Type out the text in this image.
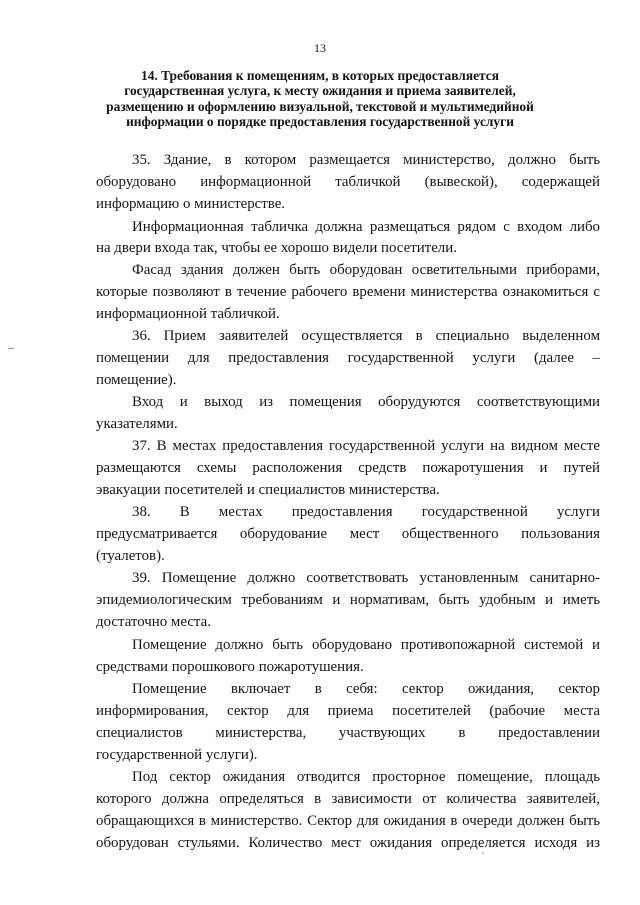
13
14. Требования к помещениям, в которых предоставляется
государственная услуга, к месту ожидания и приема заявителей,
размещению и оформлению визуальной, текстовой и мультимедийной
информации о порядке предоставления государственной услуги
35. Здание, в котором размещается министерство, должно быть
оборудовано информационной табличкой (вывеской), содержащей
информацию о министерстве.
Информационная табличка должна размещаться рядом с входом либо
на двери входа так, чтобы ее хорошо видели посетители.
Фасад здания должен быть оборудован осветительными приборами,
которые позволяют в течение рабочего времени министерства ознакомиться с
информационной табличкой.
36. Прием заявителей осуществляется в специально выделенном
помещении для предоставления государственной услуги (далее –
помещение).
Вход и выход из помещения оборудуются соответствующими
указателями.
37. В местах предоставления государственной услуги на видном месте
размещаются схемы расположения средств пожаротушения и путей
эвакуации посетителей и специалистов министерства.
38. В местах предоставления государственной услуги
предусматривается оборудование мест общественного пользования
(туалетов).
39. Помещение должно соответствовать установленным санитарно-
эпидемиологическим требованиям и нормативам, быть удобным и иметь
достаточно места.
Помещение должно быть оборудовано противопожарной системой и
средствами порошкового пожаротушения.
Помещение включает в себя: сектор ожидания, сектор
информирования, сектор для приема посетителей (рабочие места
специалистов министерства, участвующих в предоставлении
государственной услуги).
Под сектор ожидания отводится просторное помещение, площадь
которого должна определяться в зависимости от количества заявителей,
обращающихся в министерство. Сектор для ожидания в очереди должен быть
оборудован стульями. Количество мест ожидания определяется исходя из
